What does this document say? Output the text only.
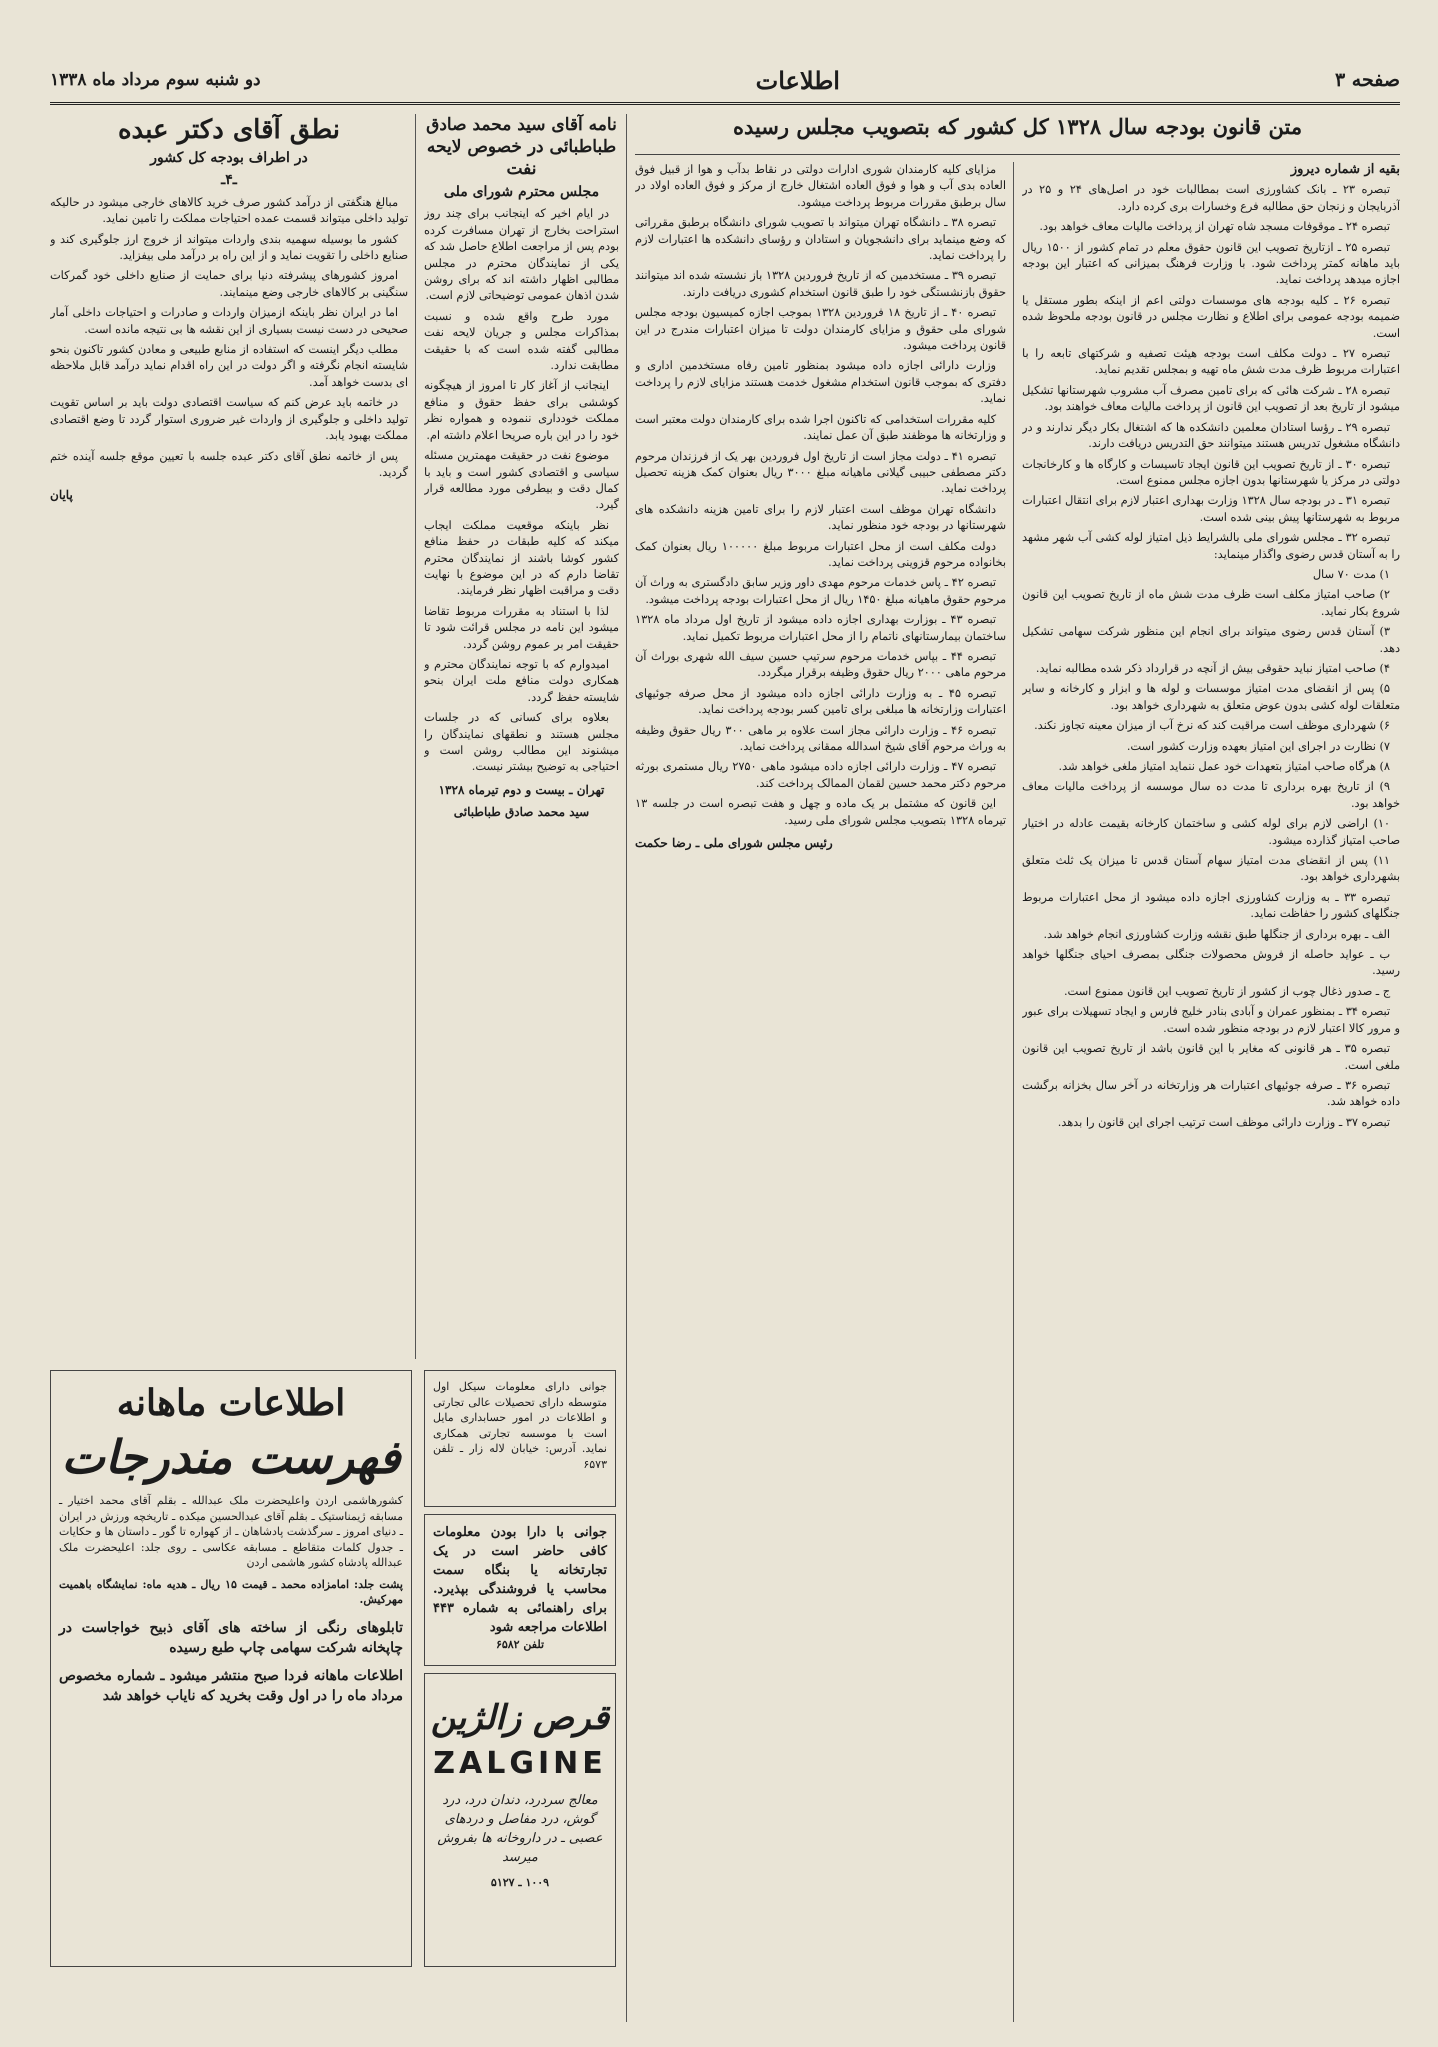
صفحه ۳
اطلاعات
دو شنبه سوم مرداد ماه ۱۳۳۸
متن قانون بودجه سال ۱۳۲۸ کل کشور که بتصویب مجلس رسیده
بقیه از شماره دیروز

تبصره ۲۳ ـ بانک کشاورزی است بمطالبات خود در اصل‌های ۲۴ و ۲۵ در آذربایجان و زنجان حق مطالبه فرع وخسارات بری کرده دارد.

تبصره ۲۴ ـ موقوفات مسجد شاه تهران از پرداخت مالیات معاف خواهد بود.

تبصره ۲۵ ـ ازتاریخ تصویب این قانون حقوق معلم در تمام کشور از ۱۵۰۰ ریال باید ماهانه کمتر پرداخت شود. با وزارت فرهنگ بمیزانی که اعتبار این بودجه اجازه میدهد پرداخت نماید.

تبصره ۲۶ ـ کلیه بودجه های موسسات دولتی اعم از اینکه بطور مستقل یا ضمیمه بودجه عمومی برای اطلاع و نظارت مجلس در قانون بودجه ملحوظ شده است.

تبصره ۲۷ ـ دولت مکلف است بودجه هیئت تصفیه و شرکتهای تابعه را با اعتبارات مربوط ظرف مدت شش ماه تهیه و بمجلس تقدیم نماید.

تبصره ۲۸ ـ شرکت هائی که برای تامین مصرف آب مشروب شهرستانها تشکیل میشود از تاریخ بعد از تصویب این قانون از پرداخت مالیات معاف خواهند بود.

تبصره ۲۹ ـ رؤسا استادان معلمین دانشکده ها که اشتغال بکار دیگر ندارند و در دانشگاه مشغول تدریس هستند میتوانند حق التدریس دریافت دارند.

تبصره ۳۰ ـ از تاریخ تصویب این قانون ایجاد تاسیسات و کارگاه ها و کارخانجات دولتی در مرکز یا شهرستانها بدون اجازه مجلس ممنوع است.

تبصره ۳۱ ـ در بودجه سال ۱۳۲۸ وزارت بهداری اعتبار لازم برای انتقال اعتبارات مربوط به شهرستانها پیش بینی شده است.

تبصره ۳۲ ـ مجلس شورای ملی بالشرایط ذیل امتیاز لوله کشی آب شهر مشهد را به آستان قدس رضوی واگذار مینماید:

۱) مدت ۷۰ سال

۲) صاحب امتیاز مکلف است ظرف مدت شش ماه از تاریخ تصویب این قانون شروع بکار نماید.

۳) آستان قدس رضوی میتواند برای انجام این منظور شرکت سهامی تشکیل دهد.

۴) صاحب امتیاز نباید حقوقی بیش از آنچه در قرارداد ذکر شده مطالبه نماید.

۵) پس از انقضای مدت امتیاز موسسات و لوله ها و ابزار و کارخانه و سایر متعلقات لوله کشی بدون عوض متعلق به شهرداری خواهد بود.

۶) شهرداری موظف است مراقبت کند که نرخ آب از میزان معینه تجاوز نکند.

۷) نظارت در اجرای این امتیاز بعهده وزارت کشور است.

۸) هرگاه صاحب امتیاز بتعهدات خود عمل ننماید امتیاز ملغی خواهد شد.

۹) از تاریخ بهره برداری تا مدت ده سال موسسه از پرداخت مالیات معاف خواهد بود.

۱۰) اراضی لازم برای لوله کشی و ساختمان کارخانه بقیمت عادله در اختیار صاحب امتیاز گذارده میشود.

۱۱) پس از انقضای مدت امتیاز سهام آستان قدس تا میزان یک ثلث متعلق بشهرداری خواهد بود.

تبصره ۳۳ ـ به وزارت کشاورزی اجازه داده میشود از محل اعتبارات مربوط جنگلهای کشور را حفاظت نماید.

الف ـ بهره برداری از جنگلها طبق نقشه وزارت کشاورزی انجام خواهد شد.

ب ـ عواید حاصله از فروش محصولات جنگلی بمصرف احیای جنگلها خواهد رسید.

ج ـ صدور ذغال چوب از کشور از تاریخ تصویب این قانون ممنوع است.

تبصره ۳۴ ـ بمنظور عمران و آبادی بنادر خلیج فارس و ایجاد تسهیلات برای عبور و مرور کالا اعتبار لازم در بودجه منظور شده است.

تبصره ۳۵ ـ هر قانونی که مغایر با این قانون باشد از تاریخ تصویب این قانون ملغی است.

تبصره ۳۶ ـ صرفه جوئیهای اعتبارات هر وزارتخانه در آخر سال بخزانه برگشت داده خواهد شد.

تبصره ۳۷ ـ وزارت دارائی موظف است ترتیب اجرای این قانون را بدهد.

مزایای کلیه کارمندان شوری ادارات دولتی در نقاط بدآب و هوا از قبیل فوق العاده بدی آب و هوا و فوق العاده اشتغال خارج از مرکز و فوق العاده اولاد در سال برطبق مقررات مربوط پرداخت میشود.

تبصره ۳۸ ـ دانشگاه تهران میتواند با تصویب شورای دانشگاه برطبق مقرراتی که وضع مینماید برای دانشجویان و استادان و رؤسای دانشکده ها اعتبارات لازم را پرداخت نماید.

تبصره ۳۹ ـ مستخدمین که از تاریخ فروردین ۱۳۲۸ باز نشسته شده اند میتوانند حقوق بازنشستگی خود را طبق قانون استخدام کشوری دریافت دارند.

تبصره ۴۰ ـ از تاریخ ۱۸ فروردین ۱۳۲۸ بموجب اجازه کمیسیون بودجه مجلس شورای ملی حقوق و مزایای کارمندان دولت تا میزان اعتبارات مندرج در این قانون پرداخت میشود.

وزارت دارائی اجازه داده میشود بمنظور تامین رفاه مستخدمین اداری و دفتری که بموجب قانون استخدام مشغول خدمت هستند مزایای لازم را پرداخت نماید.

کلیه مقررات استخدامی که تاکنون اجرا شده برای کارمندان دولت معتبر است و وزارتخانه ها موظفند طبق آن عمل نمایند.

تبصره ۴۱ ـ دولت مجاز است از تاریخ اول فروردین بهر یک از فرزندان مرحوم دکتر مصطفی حبیبی گیلانی ماهیانه مبلغ ۳۰۰۰ ریال بعنوان کمک هزینه تحصیل پرداخت نماید.

دانشگاه تهران موظف است اعتبار لازم را برای تامین هزینه دانشکده های شهرستانها در بودجه خود منظور نماید.

دولت مکلف است از محل اعتبارات مربوط مبلغ ۱۰۰۰۰۰ ریال بعنوان کمک بخانواده مرحوم قزوینی پرداخت نماید.

تبصره ۴۲ ـ پاس خدمات مرحوم مهدی داور وزیر سابق دادگستری به وراث آن مرحوم حقوق ماهیانه مبلغ ۱۴۵۰ ریال از محل اعتبارات بودجه پرداخت میشود.

تبصره ۴۳ ـ بوزارت بهداری اجازه داده میشود از تاریخ اول مرداد ماه ۱۳۲۸ ساختمان بیمارستانهای ناتمام را از محل اعتبارات مربوط تکمیل نماید.

تبصره ۴۴ ـ بپاس خدمات مرحوم سرتیپ حسین سیف الله شهری بوراث آن مرحوم ماهی ۲۰۰۰ ریال حقوق وظیفه برقرار میگردد.

تبصره ۴۵ ـ به وزارت دارائی اجازه داده میشود از محل صرفه جوئیهای اعتبارات وزارتخانه ها مبلغی برای تامین کسر بودجه پرداخت نماید.

تبصره ۴۶ ـ وزارت دارائی مجاز است علاوه بر ماهی ۳۰۰ ریال حقوق وظیفه به وراث مرحوم آقای شیخ اسدالله ممقانی پرداخت نماید.

تبصره ۴۷ ـ وزارت دارائی اجازه داده میشود ماهی ۲۷۵۰ ریال مستمری بورثه مرحوم دکتر محمد حسین لقمان الممالک پرداخت کند.

این قانون که مشتمل بر یک ماده و چهل و هفت تبصره است در جلسه ۱۳ تیرماه ۱۳۲۸ بتصویب مجلس شورای ملی رسید.

رئیس مجلس شورای ملی ـ رضا حکمت
نامه آقای سید محمد صادق طباطبائی در خصوص لایحه نفت
مجلس محترم شورای ملی

در ایام اخیر که اینجانب برای چند روز استراحت بخارج از تهران مسافرت کرده بودم پس از مراجعت اطلاع حاصل شد که یکی از نمایندگان محترم در مجلس مطالبی اظهار داشته اند که برای روشن شدن اذهان عمومی توضیحاتی لازم است.

مورد طرح واقع شده و نسبت بمذاکرات مجلس و جریان لایحه نفت مطالبی گفته شده است که با حقیقت مطابقت ندارد.

اینجانب از آغاز کار تا امروز از هیچگونه کوششی برای حفظ حقوق و منافع مملکت خودداری ننموده و همواره نظر خود را در این باره صریحا اعلام داشته ام.

موضوع نفت در حقیقت مهمترین مسئله سیاسی و اقتصادی کشور است و باید با کمال دقت و بیطرفی مورد مطالعه قرار گیرد.

نظر باینکه موقعیت مملکت ایجاب میکند که کلیه طبقات در حفظ منافع کشور کوشا باشند از نمایندگان محترم تقاضا دارم که در این موضوع با نهایت دقت و مراقبت اظهار نظر فرمایند.

لذا با استناد به مقررات مربوط تقاضا میشود این نامه در مجلس قرائت شود تا حقیقت امر بر عموم روشن گردد.

امیدوارم که با توجه نمایندگان محترم و همکاری دولت منافع ملت ایران بنحو شایسته حفظ گردد.

بعلاوه برای کسانی که در جلسات مجلس هستند و نطقهای نمایندگان را میشنوند این مطالب روشن است و احتیاجی به توضیح بیشتر نیست.

تهران ـ بیست و دوم تیرماه ۱۳۲۸
سید محمد صادق طباطبائی
نطق آقای دکتر عبده
در اطراف بودجه کل کشور
ـ۴ـ

مبالغ هنگفتی از درآمد کشور صرف خرید کالاهای خارجی میشود در حالیکه تولید داخلی میتواند قسمت عمده احتیاجات مملکت را تامین نماید.

کشور ما بوسیله سهمیه بندی واردات میتواند از خروج ارز جلوگیری کند و صنایع داخلی را تقویت نماید و از این راه بر درآمد ملی بیفزاید.

امروز کشورهای پیشرفته دنیا برای حمایت از صنایع داخلی خود گمرکات سنگینی بر کالاهای خارجی وضع مینمایند.

اما در ایران نظر باینکه ازمیزان واردات و صادرات و احتیاجات داخلی آمار صحیحی در دست نیست بسیاری از این نقشه ها بی نتیجه مانده است.

مطلب دیگر اینست که استفاده از منابع طبیعی و معادن کشور تاکنون بنحو شایسته انجام نگرفته و اگر دولت در این راه اقدام نماید درآمد قابل ملاحظه ای بدست خواهد آمد.

در خاتمه باید عرض کنم که سیاست اقتصادی دولت باید بر اساس تقویت تولید داخلی و جلوگیری از واردات غیر ضروری استوار گردد تا وضع اقتصادی مملکت بهبود یابد.

پس از خاتمه نطق آقای دکتر عبده جلسه با تعیین موقع جلسه آینده ختم گردید.

پایان
اطلاعات ماهانه
فهرست مندرجات
کشورهاشمی اردن واعلیحضرت ملک عبدالله ـ بقلم آقای محمد اختیار ـ مسابقه ژیمناستیک ـ بقلم آقای عبدالحسین میکده ـ تاریخچه ورزش در ایران ـ دنیای امروز ـ سرگذشت پادشاهان ـ از کهواره تا گور ـ داستان ها و حکایات ـ جدول کلمات متقاطع ـ مسابقه عکاسی ـ روی جلد: اعلیحضرت ملک عبدالله پادشاه کشور هاشمی اردن
پشت جلد: امامزاده محمد ـ قیمت ۱۵ ریال ـ هدیه ماه: نمایشگاه باهمیت مهرکیش.
تابلوهای رنگی از ساخته های آقای ذبیح خواجاست در چاپخانه شرکت سهامی چاپ طبع رسیده
اطلاعات ماهانه فردا صبح منتشر میشود ـ شماره مخصوص مرداد ماه را در اول وقت بخرید که نایاب خواهد شد
جوانی دارای معلومات سیکل اول متوسطه دارای تحصیلات عالی تجارتی و اطلاعات در امور حسابداری مایل است با موسسه تجارتی همکاری نماید. آدرس: خیابان لاله زار ـ تلفن ۶۵۷۳
جوانی با دارا بودن معلومات کافی حاضر است در یک تجارتخانه یا بنگاه سمت محاسب یا فروشندگی بپذیرد. برای راهنمائی به شماره ۴۴۳ اطلاعات مراجعه شود
تلفن ۶۵۸۲
قرص زالژین
ZALGINE
معالج سردرد، دندان درد، درد گوش، درد مفاصل و دردهای عصبی ـ در داروخانه ها بفروش میرسد
۱۰۰۹ ـ ۵۱۲۷
